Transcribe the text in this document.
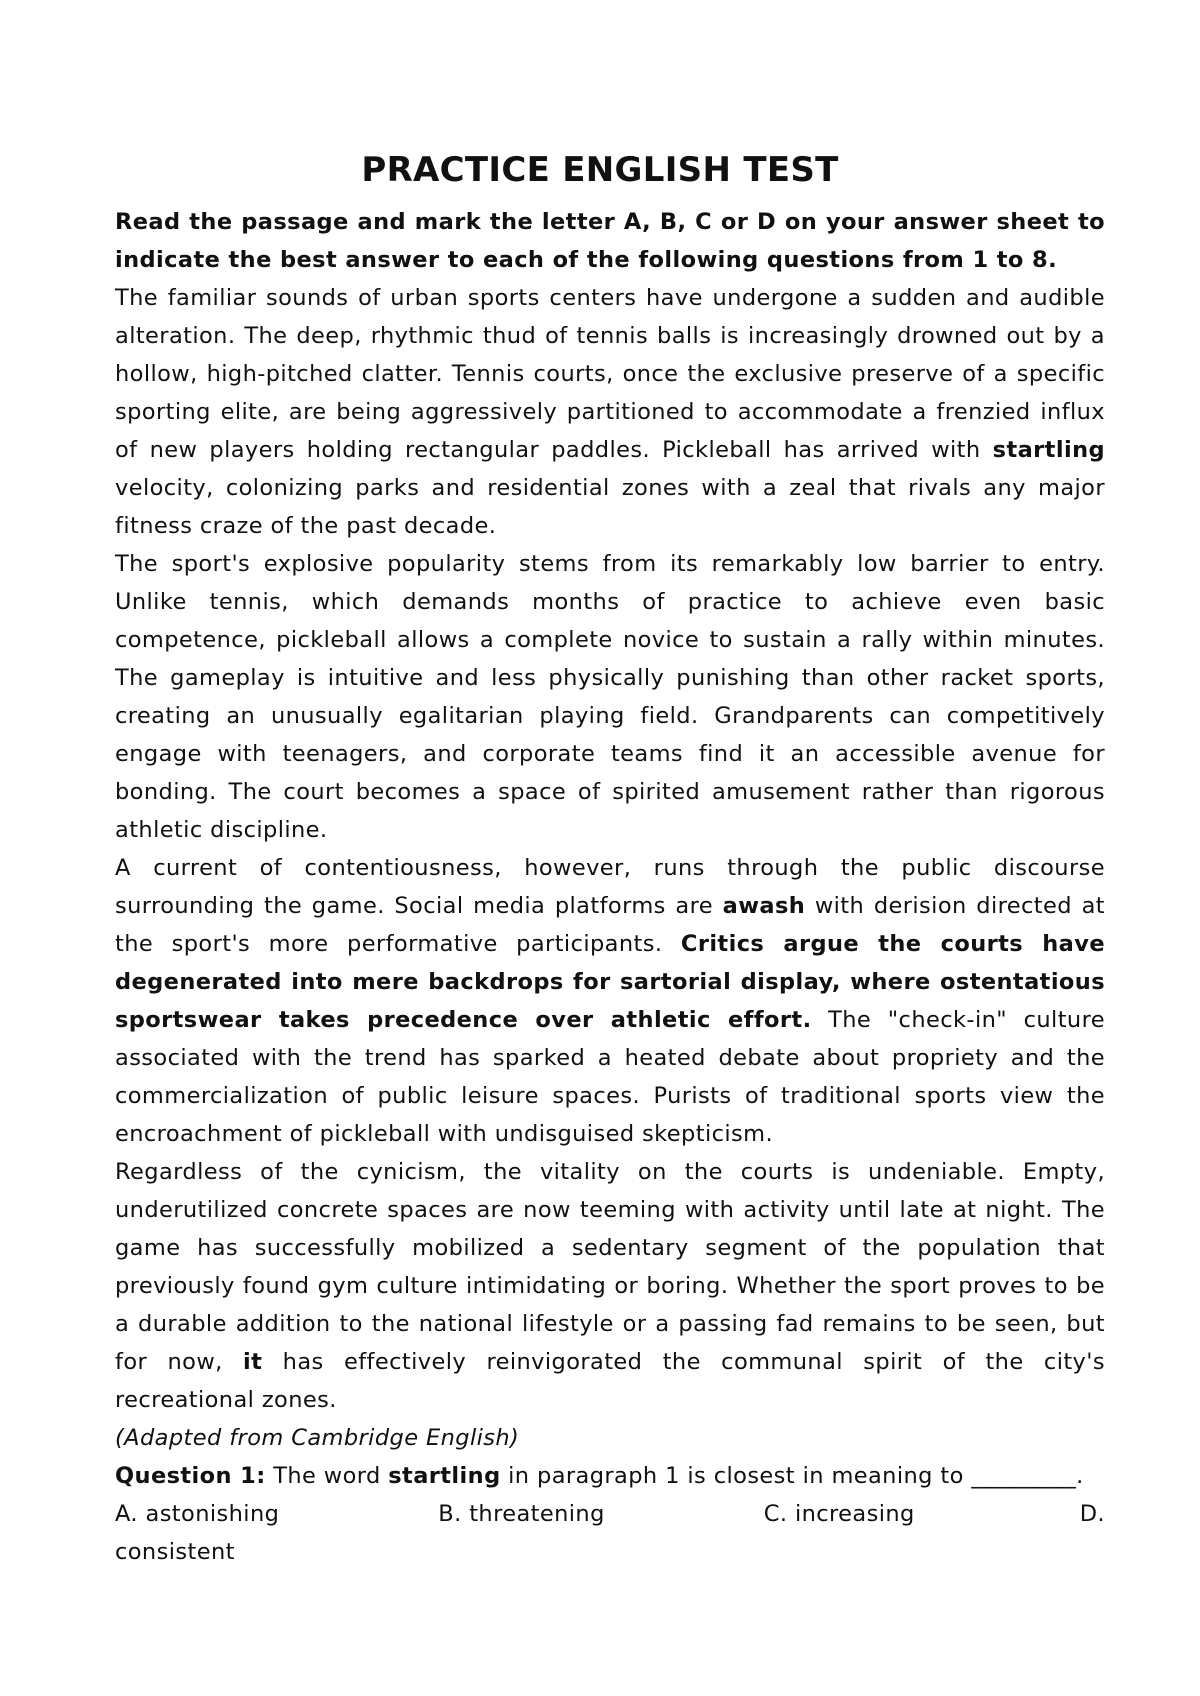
PRACTICE ENGLISH TEST

Read the passage and mark the letter A, B, C or D on your answer sheet to indicate the best answer to each of the following questions from 1 to 8.

The familiar sounds of urban sports centers have undergone a sudden and audible alteration. The deep, rhythmic thud of tennis balls is increasingly drowned out by a hollow, high-pitched clatter. Tennis courts, once the exclusive preserve of a specific sporting elite, are being aggressively partitioned to accommodate a frenzied influx of new players holding rectangular paddles. Pickleball has arrived with startling velocity, colonizing parks and residential zones with a zeal that rivals any major fitness craze of the past decade.

The sport's explosive popularity stems from its remarkably low barrier to entry. Unlike tennis, which demands months of practice to achieve even basic competence, pickleball allows a complete novice to sustain a rally within minutes. The gameplay is intuitive and less physically punishing than other racket sports, creating an unusually egalitarian playing field. Grandparents can competitively engage with teenagers, and corporate teams find it an accessible avenue for bonding. The court becomes a space of spirited amusement rather than rigorous athletic discipline.

A current of contentiousness, however, runs through the public discourse surrounding the game. Social media platforms are awash with derision directed at the sport's more performative participants. Critics argue the courts have degenerated into mere backdrops for sartorial display, where ostentatious sportswear takes precedence over athletic effort. The "check-in" culture associated with the trend has sparked a heated debate about propriety and the commercialization of public leisure spaces. Purists of traditional sports view the encroachment of pickleball with undisguised skepticism.

Regardless of the cynicism, the vitality on the courts is undeniable. Empty, underutilized concrete spaces are now teeming with activity until late at night. The game has successfully mobilized a sedentary segment of the population that previously found gym culture intimidating or boring. Whether the sport proves to be a durable addition to the national lifestyle or a passing fad remains to be seen, but for now, it has effectively reinvigorated the communal spirit of the city's recreational zones.

(Adapted from Cambridge English)

Question 1: The word startling in paragraph 1 is closest in meaning to _________.

A. astonishing	B. threatening	C. increasing	D.

consistent
